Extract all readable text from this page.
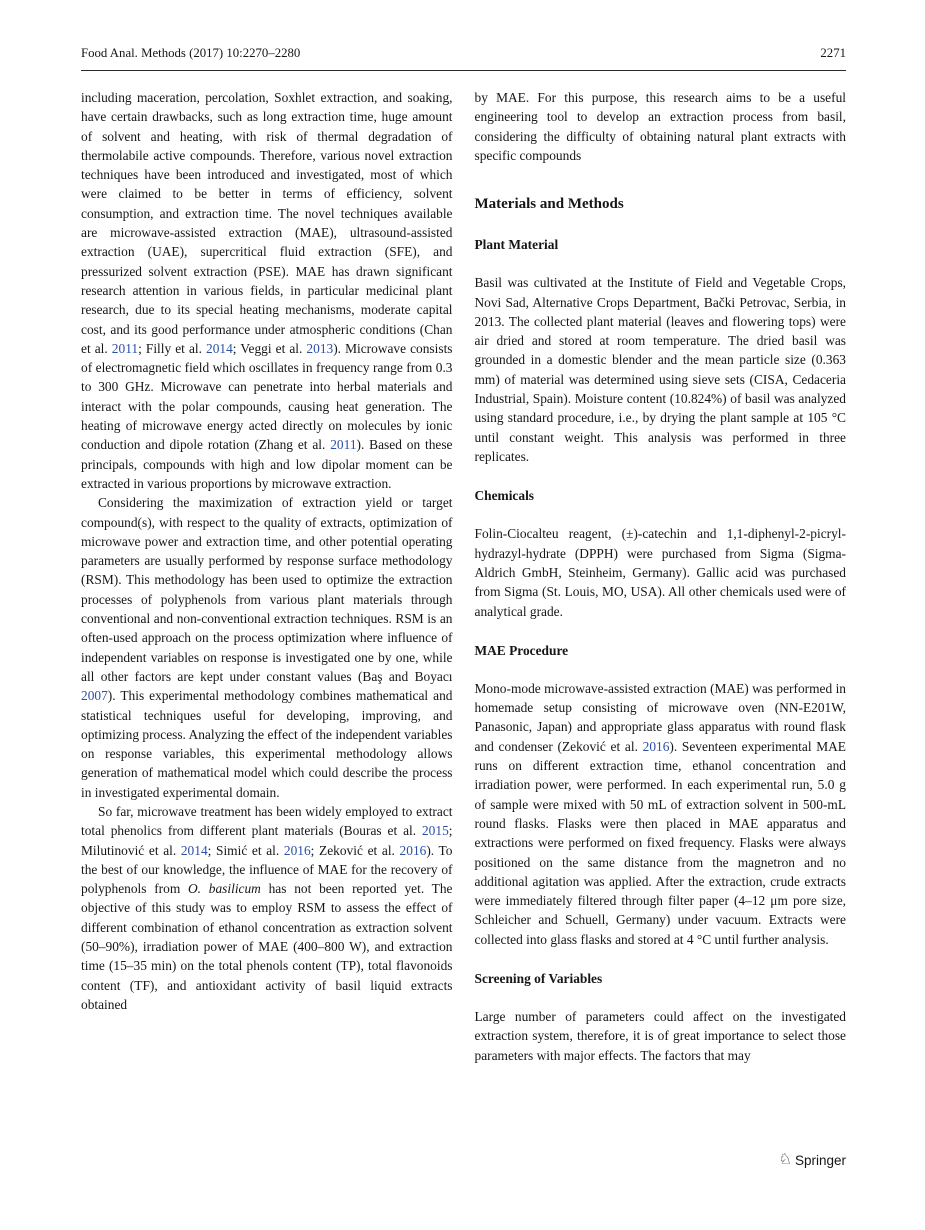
Food Anal. Methods (2017) 10:2270–2280	2271

including maceration, percolation, Soxhlet extraction, and soaking, have certain drawbacks, such as long extraction time, huge amount of solvent and heating, with risk of thermal degradation of thermolabile active compounds. Therefore, various novel extraction techniques have been introduced and investigated, most of which were claimed to be better in terms of efficiency, solvent consumption, and extraction time. The novel techniques available are microwave-assisted extraction (MAE), ultrasound-assisted extraction (UAE), supercritical fluid extraction (SFE), and pressurized solvent extraction (PSE). MAE has drawn significant research attention in various fields, in particular medicinal plant research, due to its special heating mechanisms, moderate capital cost, and its good performance under atmospheric conditions (Chan et al. 2011; Filly et al. 2014; Veggi et al. 2013). Microwave consists of electromagnetic field which oscillates in frequency range from 0.3 to 300 GHz. Microwave can penetrate into herbal materials and interact with the polar compounds, causing heat generation. The heating of microwave energy acted directly on molecules by ionic conduction and dipole rotation (Zhang et al. 2011). Based on these principals, compounds with high and low dipolar moment can be extracted in various proportions by microwave extraction.

Considering the maximization of extraction yield or target compound(s), with respect to the quality of extracts, optimization of microwave power and extraction time, and other potential operating parameters are usually performed by response surface methodology (RSM). This methodology has been used to optimize the extraction processes of polyphenols from various plant materials through conventional and non-conventional extraction techniques. RSM is an often-used approach on the process optimization where influence of independent variables on response is investigated one by one, while all other factors are kept under constant values (Baş and Boyacı 2007). This experimental methodology combines mathematical and statistical techniques useful for developing, improving, and optimizing process. Analyzing the effect of the independent variables on response variables, this experimental methodology allows generation of mathematical model which could describe the process in investigated experimental domain.

So far, microwave treatment has been widely employed to extract total phenolics from different plant materials (Bouras et al. 2015; Milutinović et al. 2014; Simić et al. 2016; Zeković et al. 2016). To the best of our knowledge, the influence of MAE for the recovery of polyphenols from O. basilicum has not been reported yet. The objective of this study was to employ RSM to assess the effect of different combination of ethanol concentration as extraction solvent (50–90%), irradiation power of MAE (400–800 W), and extraction time (15–35 min) on the total phenols content (TP), total flavonoids content (TF), and antioxidant activity of basil liquid extracts obtained

by MAE. For this purpose, this research aims to be a useful engineering tool to develop an extraction process from basil, considering the difficulty of obtaining natural plant extracts with specific compounds

Materials and Methods
Plant Material

Basil was cultivated at the Institute of Field and Vegetable Crops, Novi Sad, Alternative Crops Department, Bački Petrovac, Serbia, in 2013. The collected plant material (leaves and flowering tops) were air dried and stored at room temperature. The dried basil was grounded in a domestic blender and the mean particle size (0.363 mm) of material was determined using sieve sets (CISA, Cedaceria Industrial, Spain). Moisture content (10.824%) of basil was analyzed using standard procedure, i.e., by drying the plant sample at 105 °C until constant weight. This analysis was performed in three replicates.

Chemicals

Folin-Ciocalteu reagent, (±)-catechin and 1,1-diphenyl-2-picryl-hydrazyl-hydrate (DPPH) were purchased from Sigma (Sigma-Aldrich GmbH, Steinheim, Germany). Gallic acid was purchased from Sigma (St. Louis, MO, USA). All other chemicals used were of analytical grade.

MAE Procedure

Mono-mode microwave-assisted extraction (MAE) was performed in homemade setup consisting of microwave oven (NN-E201W, Panasonic, Japan) and appropriate glass apparatus with round flask and condenser (Zeković et al. 2016). Seventeen experimental MAE runs on different extraction time, ethanol concentration and irradiation power, were performed. In each experimental run, 5.0 g of sample were mixed with 50 mL of extraction solvent in 500-mL round flasks. Flasks were then placed in MAE apparatus and extractions were performed on fixed frequency. Flasks were always positioned on the same distance from the magnetron and no additional agitation was applied. After the extraction, crude extracts were immediately filtered through filter paper (4–12 μm pore size, Schleicher and Schuell, Germany) under vacuum. Extracts were collected into glass flasks and stored at 4 °C until further analysis.

Screening of Variables

Large number of parameters could affect on the investigated extraction system, therefore, it is of great importance to select those parameters with major effects. The factors that may

♘ Springer
